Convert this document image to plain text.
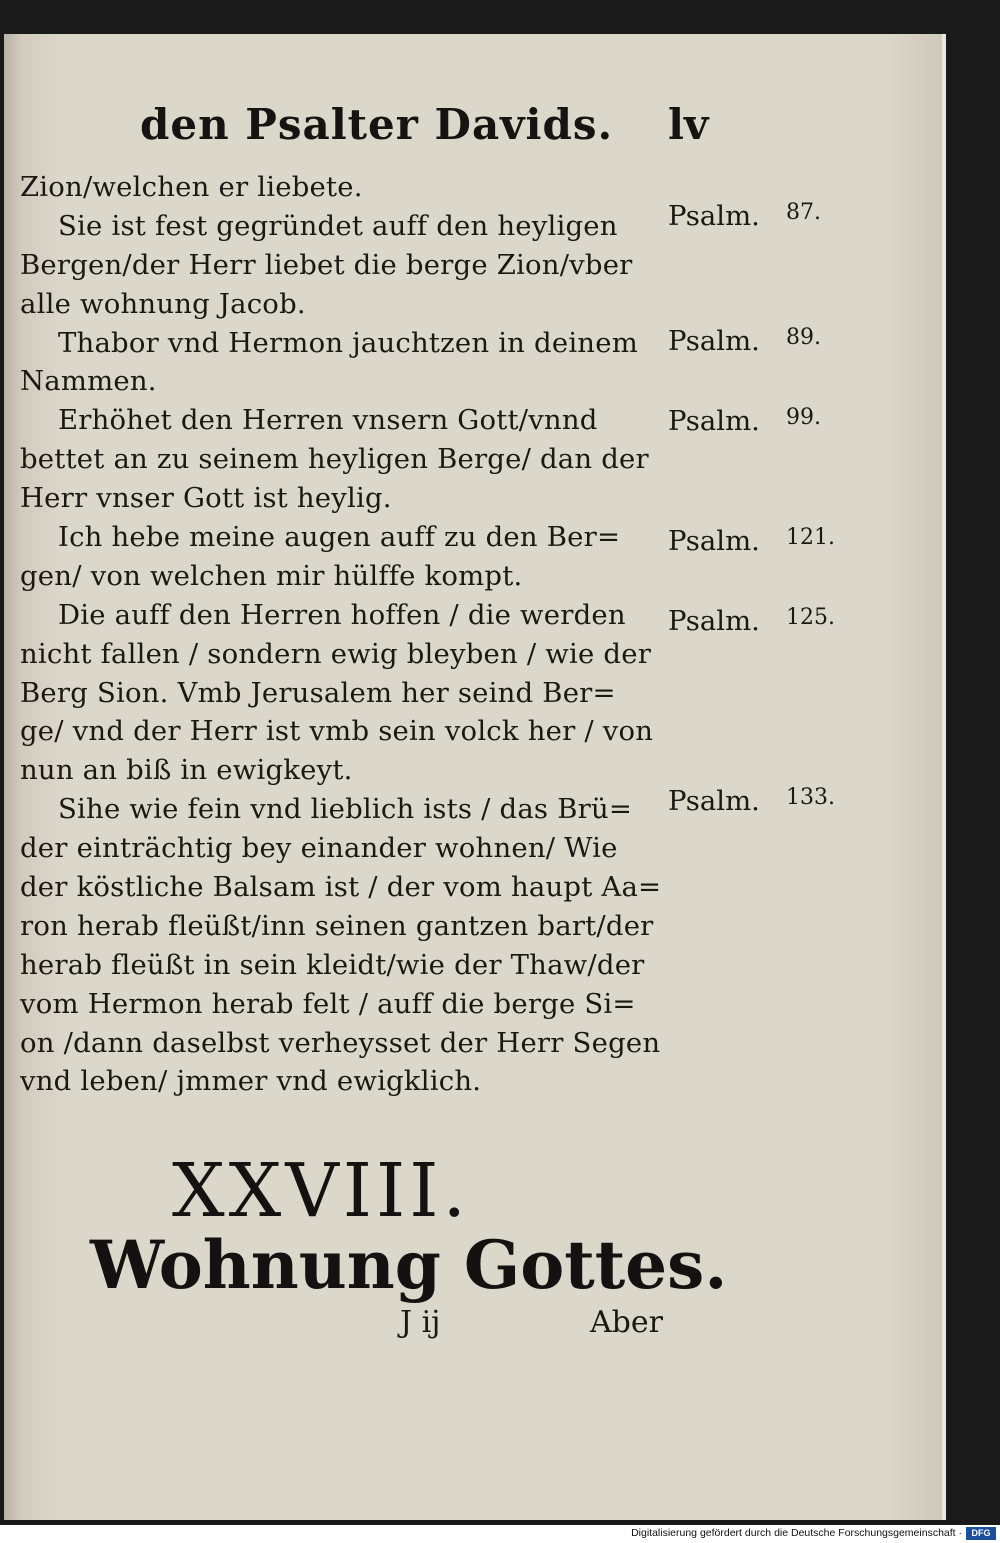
den Psalter Davids. lv
Zion/welchen er liebete.
Sie ist fest gegründet auff den heyligen
Bergen/der Herr liebet die berge Zion/vber
alle wohnung Jacob.
Thabor vnd Hermon jauchtzen in deinem
Nammen.
Erhöhet den Herren vnsern Gott/vnnd
bettet an zu seinem heyligen Berge/ dan der
Herr vnser Gott ist heylig.
Ich hebe meine augen auff zu den Ber=
gen/ von welchen mir hülffe kompt.
Die auff den Herren hoffen / die werden
nicht fallen / sondern ewig bleyben / wie der
Berg Sion. Vmb Jerusalem her seind Ber=
ge/ vnd der Herr ist vmb sein volck her / von
nun an biß in ewigkeyt.
Sihe wie fein vnd lieblich ists / das Brü=
der einträchtig bey einander wohnen/ Wie
der köstliche Balsam ist / der vom haupt Aa=
ron herab fleüßt/inn seinen gantzen bart/der
herab fleüßt in sein kleidt/wie der Thaw/der
vom Hermon herab felt / auff die berge Si=
on /dann daselbst verheysset der Herr Segen
vnd leben/ jmmer vnd ewigklich.
Psalm. 87.
Psalm. 89.
Psalm. 99.
Psalm. 121.
Psalm. 125.
Psalm. 133.
XXVIII.
Wohnung Gottes.
J ij	Aber
Digitalisierung gefördert durch die Deutsche Forschungsgemeinschaft ·	DFG
